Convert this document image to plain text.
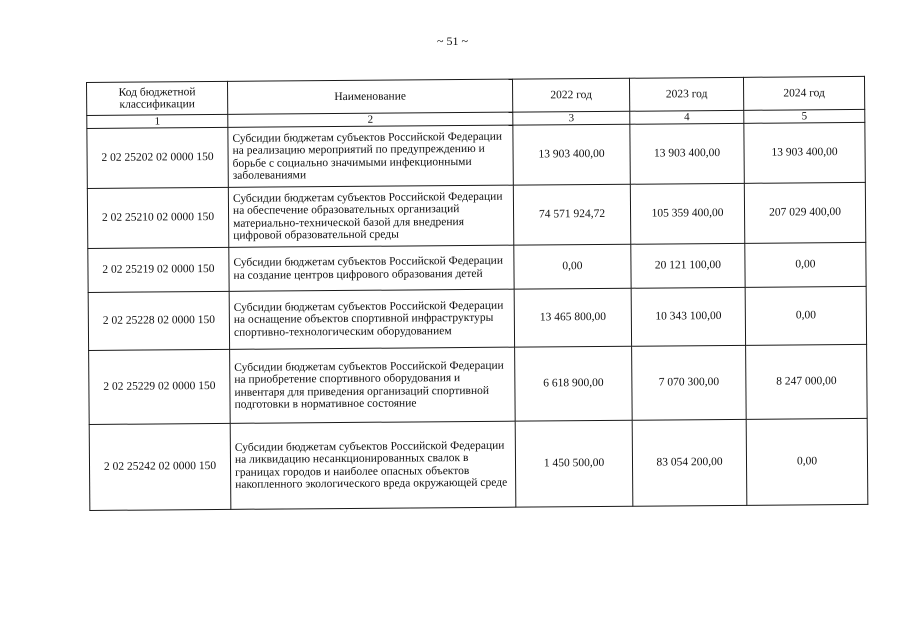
~ 51 ~
Код бюджетной классификации	Наименование	2022 год	2023 год	2024 год
1	2	3	4	5
2 02 25202 02 0000 150	Субсидии бюджетам субъектов Российской Федерации на реализацию мероприятий по предупреждению и борьбе с социально значимыми инфекционными заболеваниями	13 903 400,00	13 903 400,00	13 903 400,00
2 02 25210 02 0000 150	Субсидии бюджетам субъектов Российской Федерации на обеспечение образовательных организаций материально-технической базой для внедрения цифровой образовательной среды	74 571 924,72	105 359 400,00	207 029 400,00
2 02 25219 02 0000 150	Субсидии бюджетам субъектов Российской Федерации на создание центров цифрового образования детей	0,00	20 121 100,00	0,00
2 02 25228 02 0000 150	Субсидии бюджетам субъектов Российской Федерации на оснащение объектов спортивной инфраструктуры спортивно-технологическим оборудованием	13 465 800,00	10 343 100,00	0,00
2 02 25229 02 0000 150	Субсидии бюджетам субъектов Российской Федерации на приобретение спортивного оборудования и инвентаря для приведения организаций спортивной подготовки в нормативное состояние	6 618 900,00	7 070 300,00	8 247 000,00
2 02 25242 02 0000 150	Субсидии бюджетам субъектов Российской Федерации на ликвидацию несанкционированных свалок в границах городов и наиболее опасных объектов накопленного экологического вреда окружающей среде	1 450 500,00	83 054 200,00	0,00
